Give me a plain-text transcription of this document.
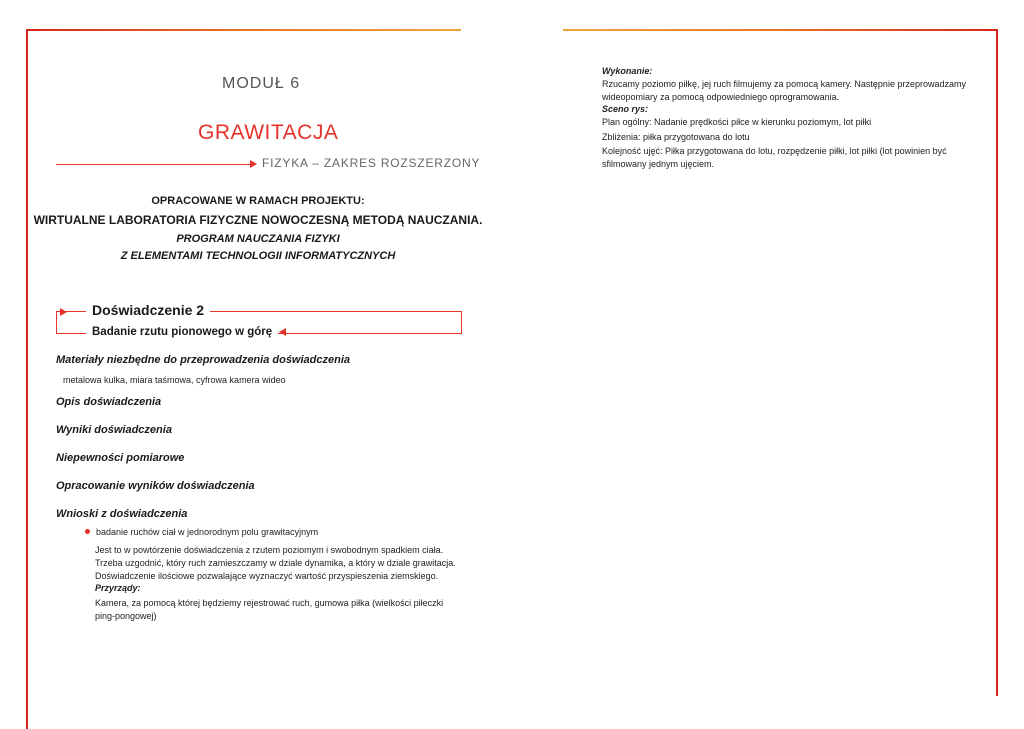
MODUŁ 6
GRAWITACJA
FIZYKA – ZAKRES ROZSZERZONY
OPRACOWANE W RAMACH PROJEKTU:
WIRTUALNE LABORATORIA FIZYCZNE NOWOCZESNĄ METODĄ NAUCZANIA.
PROGRAM NAUCZANIA FIZYKI
Z ELEMENTAMI TECHNOLOGII INFORMATYCZNYCH
Doświadczenie 2
Badanie rzutu pionowego w górę
Materiały niezbędne do przeprowadzenia doświadczenia
metalowa kulka, miara taśmowa, cyfrowa kamera wideo
Opis doświadczenia
Wyniki doświadczenia
Niepewności pomiarowe
Opracowanie wyników doświadczenia
Wnioski z doświadczenia
badanie ruchów ciał w jednorodnym polu grawitacyjnym
Jest to w powtórzenie doświadczenia z rzutem poziomym i swobodnym spadkiem ciała. Trzeba uzgodnić, który ruch zamieszczamy w dziale dynamika, a który w dziale grawitacja.
Doświadczenie ilościowe pozwalające wyznaczyć wartość przyspieszenia ziemskiego.
Przyrządy:
Kamera, za pomocą której będziemy rejestrować ruch, gumowa piłka (wielkości piłeczki ping-pongowej)
Wykonanie:
Rzucamy poziomo piłkę, jej ruch filmujemy za pomocą kamery. Następnie przeprowadzamy wideopomiary za pomocą odpowiedniego oprogramowania.
Sceno rys:
Plan ogólny: Nadanie prędkości piłce w kierunku poziomym, lot piłki
Zbliżenia: piłka przygotowana do lotu
Kolejność ujęć: Piłka przygotowana do lotu, rozpędzenie piłki, lot piłki (lot powinien być sfilmowany jednym ujęciem.
